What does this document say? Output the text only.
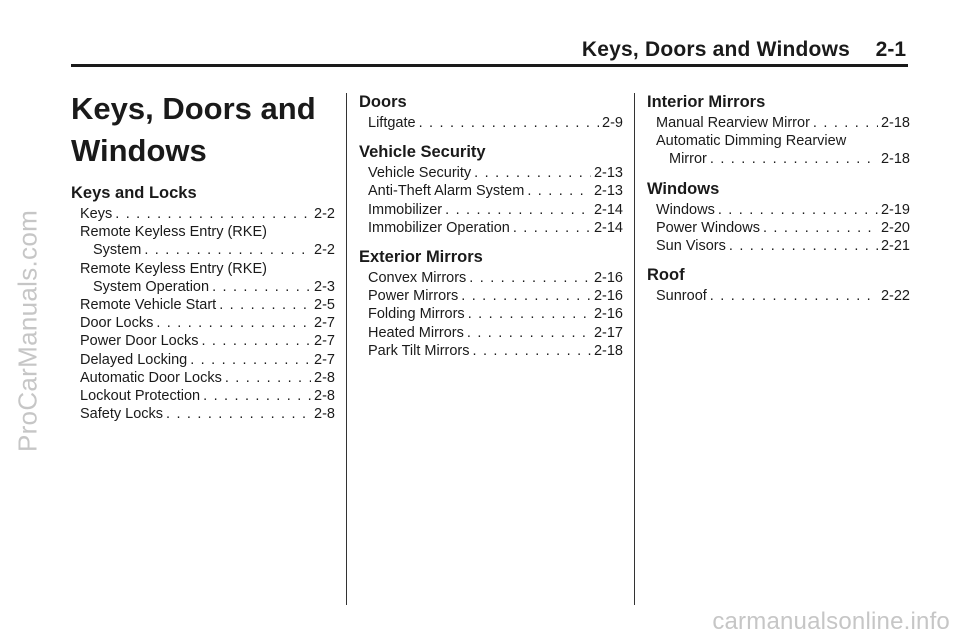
Keys, Doors and Windows 2-1
ProCarManuals.com
Keys, Doors and Windows
Keys and Locks
Keys . . .	2-2
Remote Keyless Entry (RKE)
System . . .	2-2
Remote Keyless Entry (RKE)
System Operation . . .	2-3
Remote Vehicle Start . . .	2-5
Door Locks . . .	2-7
Power Door Locks . . .	2-7
Delayed Locking . . .	2-7
Automatic Door Locks . . .	2-8
Lockout Protection . . .	2-8
Safety Locks . . .	2-8
Doors
Liftgate . . .	2-9
Vehicle Security
Vehicle Security . . .	2-13
Anti-Theft Alarm System . . .	2-13
Immobilizer . . .	2-14
Immobilizer Operation . . .	2-14
Exterior Mirrors
Convex Mirrors . . .	2-16
Power Mirrors . . .	2-16
Folding Mirrors . . .	2-16
Heated Mirrors . . .	2-17
Park Tilt Mirrors . . .	2-18
Interior Mirrors
Manual Rearview Mirror . . .	2-18
Automatic Dimming Rearview
Mirror . . .	2-18
Windows
Windows . . .	2-19
Power Windows . . .	2-20
Sun Visors . . .	2-21
Roof
Sunroof . . .	2-22
carmanualsonline.info
